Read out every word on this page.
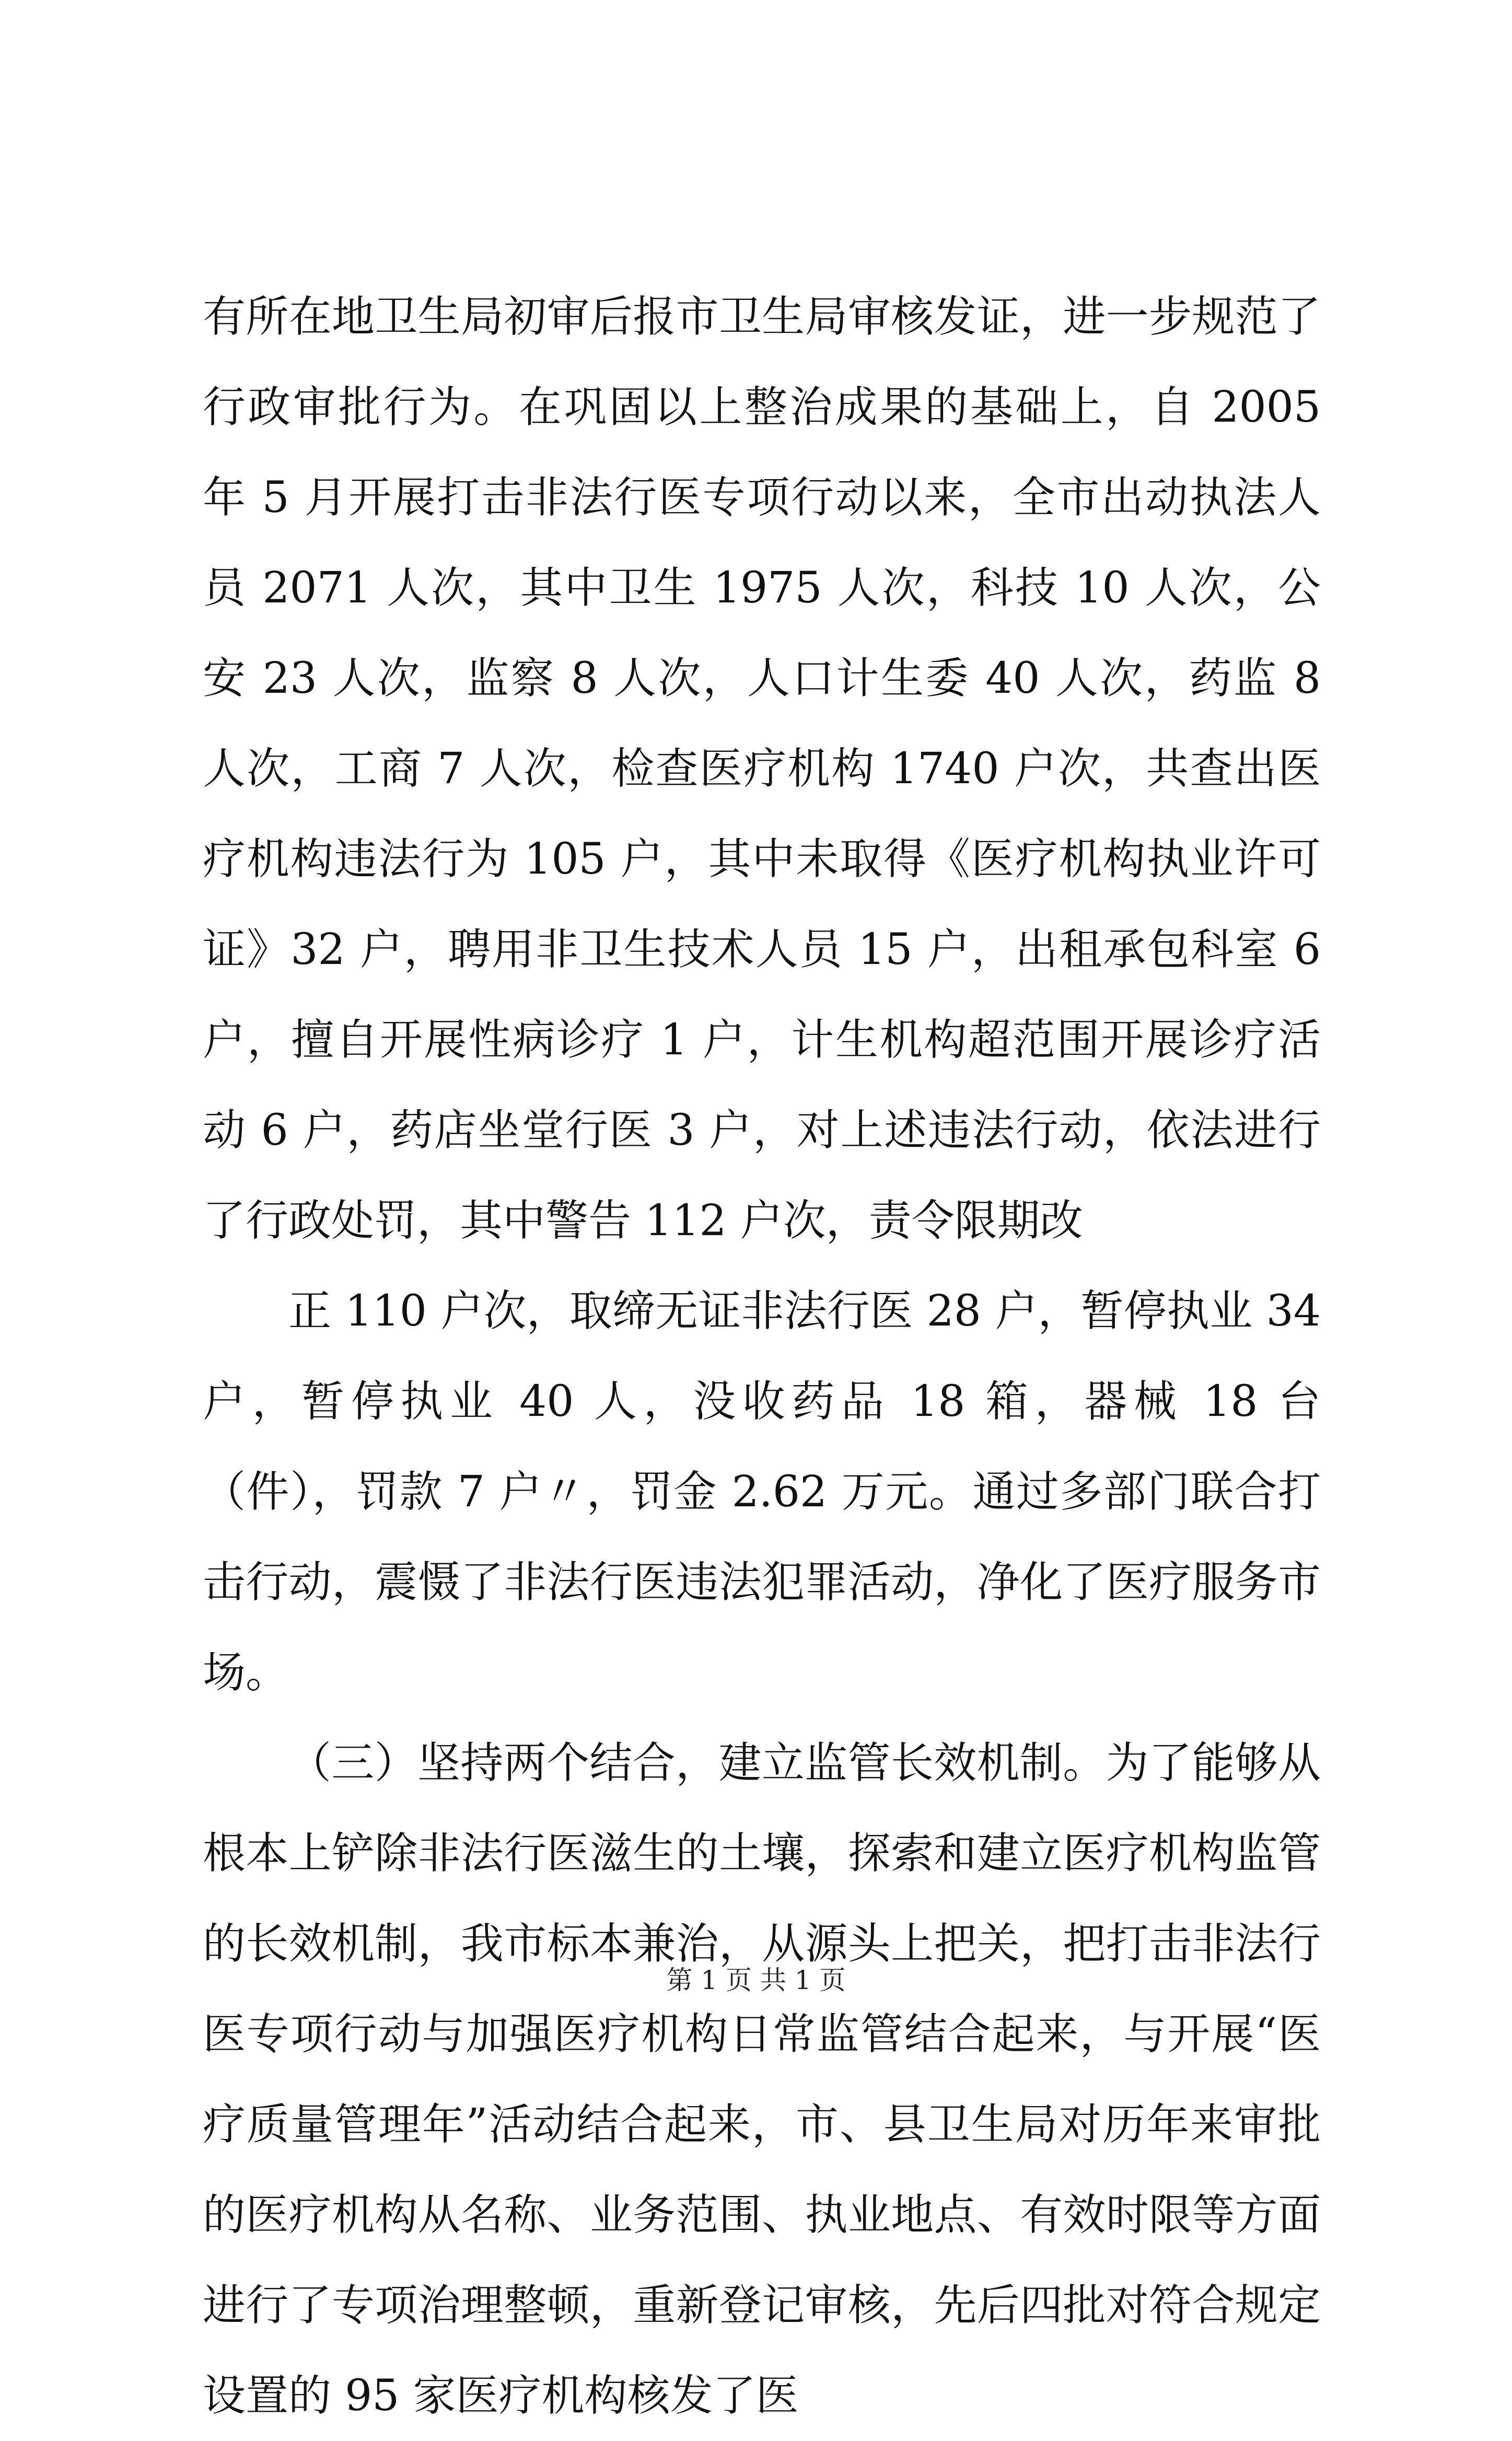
有所在地卫生局初审后报市卫生局审核发证，进一步规范了行政审批行为。在巩固以上整治成果的基础上，自 2005 年 5 月开展打击非法行医专项行动以来，全市出动执法人员 2071 人次，其中卫生 1975 人次，科技 10 人次，公安 23 人次，监察 8 人次，人口计生委 40 人次，药监 8 人次，工商 7 人次，检查医疗机构 1740 户次，共查出医疗机构违法行为 105 户，其中未取得《医疗机构执业许可证》32 户，聘用非卫生技术人员 15 户，出租承包科室 6 户，擅自开展性病诊疗 1 户，计生机构超范围开展诊疗活动 6 户，药店坐堂行医 3 户，对上述违法行动，依法进行了行政处罚，其中警告 112 户次，责令限期改

正 110 户次，取缔无证非法行医 28 户，暂停执业 34 户，暂停执业 40 人，没收药品 18 箱，器械 18 台（件），罚款 7 户〃，罚金 2.62 万元。通过多部门联合打击行动，震慑了非法行医违法犯罪活动，净化了医疗服务市场。

（三）坚持两个结合，建立监管长效机制。为了能够从根本上铲除非法行医滋生的土壤，探索和建立医疗机构监管的长效机制，我市标本兼治，从源头上把关，把打击非法行医专项行动与加强医疗机构日常监管结合起来，与开展“医疗质量管理年”活动结合起来，市、县卫生局对历年来审批的医疗机构从名称、业务范围、执业地点、有效时限等方面进行了专项治理整顿，重新登记审核，先后四批对符合规定设置的 95 家医疗机构核发了医

第 1 页 共 1 页
